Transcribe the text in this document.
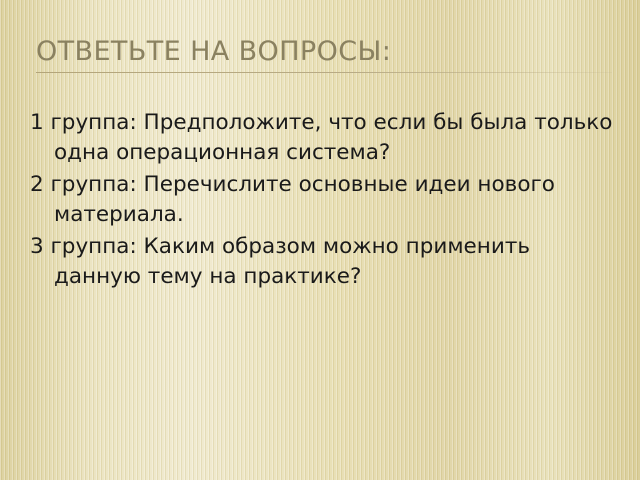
ОТВЕТЬТЕ НА ВОПРОСЫ:

1 группа: Предположите, что если бы была только одна операционная система?

2 группа: Перечислите основные идеи нового материала.

3 группа: Каким образом можно применить данную тему на практике?
